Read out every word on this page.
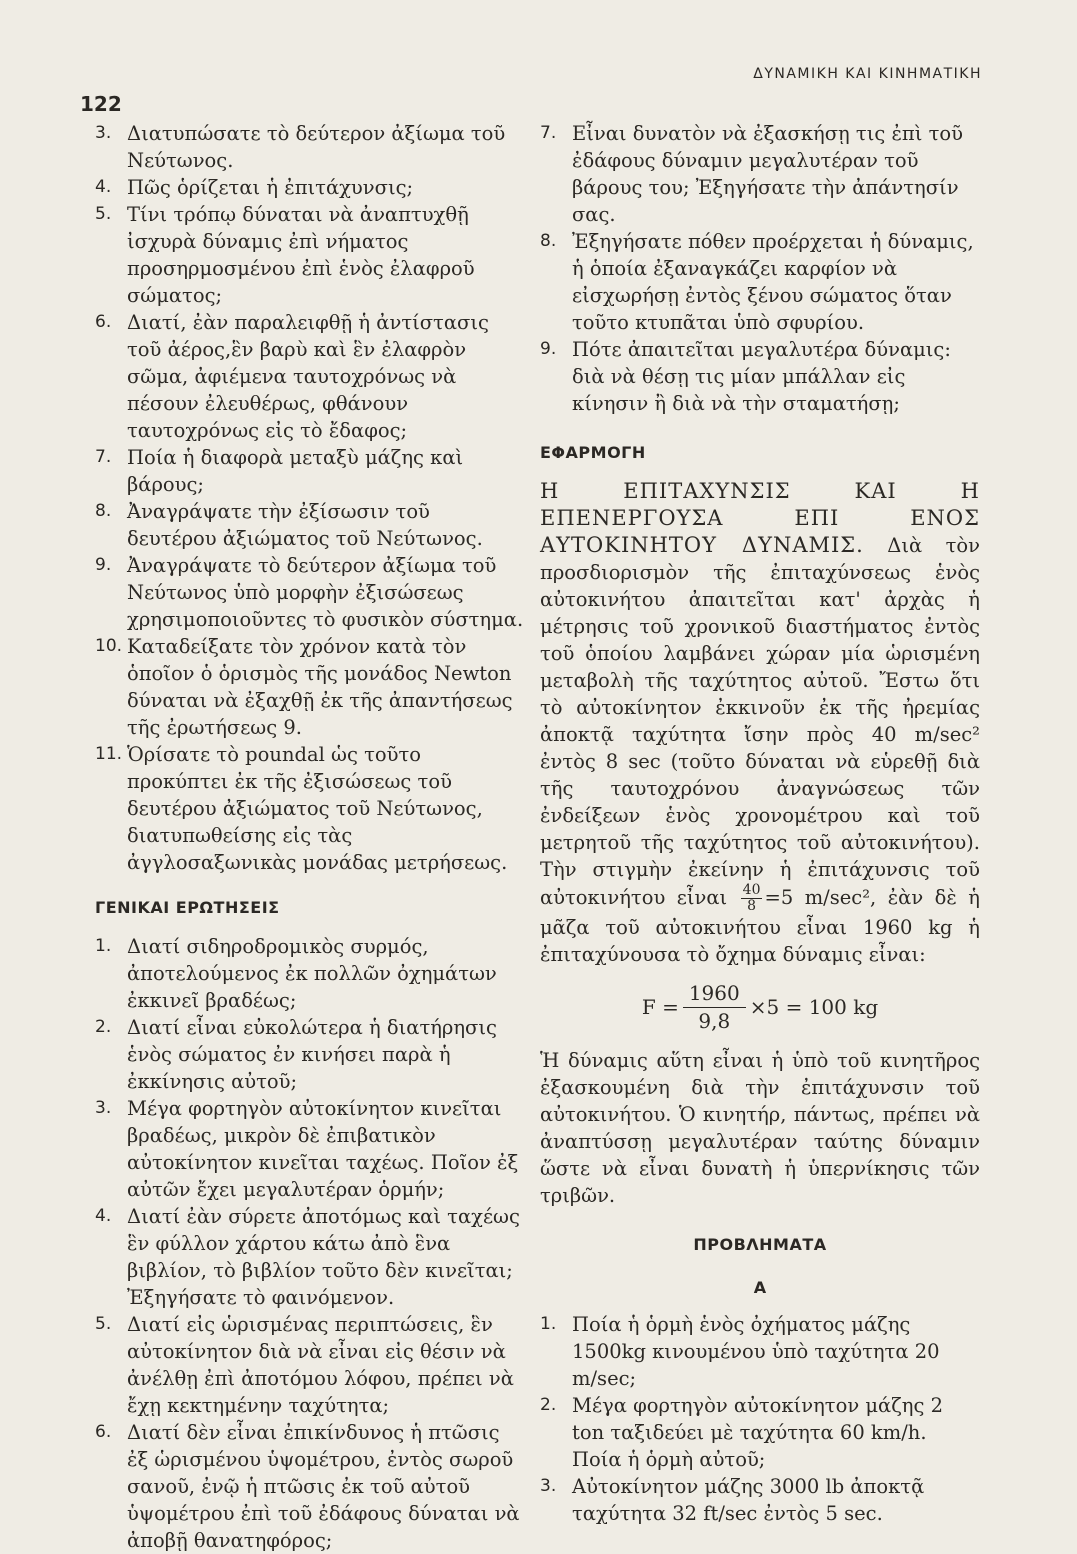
122
ΔΥΝΑΜΙΚΗ ΚΑΙ ΚΙΝΗΜΑΤΙΚΗ

3. Διατυπώσατε τὸ δεύτερον ἀξίωμα τοῦ Νεύτωνος.

4. Πῶς ὁρίζεται ἡ ἐπιτάχυνσις;

5. Τίνι τρόπῳ δύναται νὰ ἀναπτυχθῇ ἰσχυρὰ δύναμις ἐπὶ νήματος προσηρμοσμένου ἐπὶ ἑνὸς ἐλαφροῦ σώματος;

6. Διατί, ἐὰν παραλειφθῇ ἡ ἀντίστασις τοῦ ἀέρος,ἓν βαρὺ καὶ ἓν ἐλαφρὸν σῶμα, ἀφιέμενα ταυτοχρόνως νὰ πέσουν ἐλευθέρως, φθάνουν ταυτοχρόνως εἰς τὸ ἔδαφος;

7. Ποία ἡ διαφορὰ μεταξὺ μάζης καὶ βάρους;

8. Ἀναγράψατε τὴν ἐξίσωσιν τοῦ δευτέρου ἀξιώματος τοῦ Νεύτωνος.

9. Ἀναγράψατε τὸ δεύτερον ἀξίωμα τοῦ Νεύτωνος ὑπὸ μορφὴν ἐξισώσεως χρησιμοποιοῦντες τὸ φυσικὸν σύστημα.

10. Καταδείξατε τὸν χρόνον κατὰ τὸν ὁποῖον ὁ ὁρισμὸς τῆς μονάδος Newton δύναται νὰ ἐξαχθῇ ἐκ τῆς ἀπαντήσεως τῆς ἐρωτήσεως 9.

11. Ὁρίσατε τὸ poundal ὡς τοῦτο προκύπτει ἐκ τῆς ἐξισώσεως τοῦ δευτέρου ἀξιώματος τοῦ Νεύτωνος, διατυπωθείσης εἰς τὰς ἀγγλοσαξωνικὰς μονάδας μετρήσεως.

ΓΕΝΙΚΑΙ ΕΡΩΤΗΣΕΙΣ

1. Διατί σιδηροδρομικὸς συρμός, ἀποτελούμενος ἐκ πολλῶν ὀχημάτων ἐκκινεῖ βραδέως;

2. Διατί εἶναι εὐκολώτερα ἡ διατήρησις ἑνὸς σώματος ἐν κινήσει παρὰ ἡ ἐκκίνησις αὐτοῦ;

3. Μέγα φορτηγὸν αὐτοκίνητον κινεῖται βραδέως, μικρὸν δὲ ἐπιβατικὸν αὐτοκίνητον κινεῖται ταχέως. Ποῖον ἐξ αὐτῶν ἔχει μεγαλυτέραν ὁρμήν;

4. Διατί ἐὰν σύρετε ἀποτόμως καὶ ταχέως ἓν φύλλον χάρτου κάτω ἀπὸ ἓνα βιβλίον, τὸ βιβλίον τοῦτο δὲν κινεῖται; Ἐξηγήσατε τὸ φαινόμενον.

5. Διατί εἰς ὡρισμένας περιπτώσεις, ἓν αὐτοκίνητον διὰ νὰ εἶναι εἰς θέσιν νὰ ἀνέλθῃ ἐπὶ ἀποτόμου λόφου, πρέπει νὰ ἔχῃ κεκτημένην ταχύτητα;

6. Διατί δὲν εἶναι ἐπικίνδυνος ἡ πτῶσις ἐξ ὡρισμένου ὑψομέτρου, ἐντὸς σωροῦ σανοῦ, ἐνῷ ἡ πτῶσις ἐκ τοῦ αὐτοῦ ὑψομέτρου ἐπὶ τοῦ ἐδάφους δύναται νὰ ἀποβῇ θανατηφόρος;

7. Εἶναι δυνατὸν νὰ ἐξασκήσῃ τις ἐπὶ τοῦ ἐδάφους δύναμιν μεγαλυτέραν τοῦ βάρους του; Ἐξηγήσατε τὴν ἀπάντησίν σας.

8. Ἐξηγήσατε πόθεν προέρχεται ἡ δύναμις, ἡ ὁποία ἐξαναγκάζει καρφίον νὰ εἰσχωρήσῃ ἐντὸς ξένου σώματος ὅταν τοῦτο κτυπᾶται ὑπὸ σφυρίου.

9. Πότε ἀπαιτεῖται μεγαλυτέρα δύναμις: διὰ νὰ θέσῃ τις μίαν μπάλλαν εἰς κίνησιν ἢ διὰ νὰ τὴν σταματήσῃ;

ΕΦΑΡΜΟΓΗ

Η ΕΠΙΤΑΧΥΝΣΙΣ ΚΑΙ Η ΕΠΕΝΕΡΓΟΥΣΑ ΕΠΙ ΕΝΟΣ ΑΥΤΟΚΙΝΗΤΟΥ ΔΥΝΑΜΙΣ. Διὰ τὸν προσδιορισμὸν τῆς ἐπιταχύνσεως ἑνὸς αὐτοκινήτου ἀπαιτεῖται κατ' ἀρχὰς ἡ μέτρησις τοῦ χρονικοῦ διαστήματος ἐντὸς τοῦ ὁποίου λαμβάνει χώραν μία ὡρισμένη μεταβολὴ τῆς ταχύτητος αὐτοῦ. Ἔστω ὅτι τὸ αὐτοκίνητον ἐκκινοῦν ἐκ τῆς ἠρεμίας ἀποκτᾷ ταχύτητα ἴσην πρὸς 40 m/sec² ἐντὸς 8 sec (τοῦτο δύναται νὰ εὑρεθῇ διὰ τῆς ταυτοχρόνου ἀναγνώσεως τῶν ἐνδείξεων ἑνὸς χρονομέτρου καὶ τοῦ μετρητοῦ τῆς ταχύτητος τοῦ αὐτοκινήτου). Τὴν στιγμὴν ἐκείνην ἡ ἐπιτάχυνσις τοῦ αὐτοκινήτου εἶναι $\frac{40}{8} =5$ m/sec², ἐὰν δὲ ἡ μᾶζα τοῦ αὐτοκινήτου εἶναι 1960 kg ἡ ἐπιταχύνουσα τὸ ὄχημα δύναμις εἶναι:

$F = \frac{1960}{9,8} \times 5 = 100$ kg

Ἡ δύναμις αὕτη εἶναι ἡ ὑπὸ τοῦ κινητῆρος ἐξασκουμένη διὰ τὴν ἐπιτάχυνσιν τοῦ αὐτοκινήτου. Ὁ κινητήρ, πάντως, πρέπει νὰ ἀναπτύσσῃ μεγαλυτέραν ταύτης δύναμιν ὥστε νὰ εἶναι δυνατὴ ἡ ὑπερνίκησις τῶν τριβῶν.

ΠΡΟΒΛΗΜΑΤΑ
Α

1. Ποία ἡ ὁρμὴ ἑνὸς ὀχήματος μάζης 1500kg κινουμένου ὑπὸ ταχύτητα 20 m/sec;

2. Μέγα φορτηγὸν αὐτοκίνητον μάζης 2 ton ταξιδεύει μὲ ταχύτητα 60 km/h. Ποία ἡ ὁρμὴ αὐτοῦ;

3. Αὐτοκίνητον μάζης 3000 lb ἀποκτᾷ ταχύτητα 32 ft/sec ἐντὸς 5 sec.
